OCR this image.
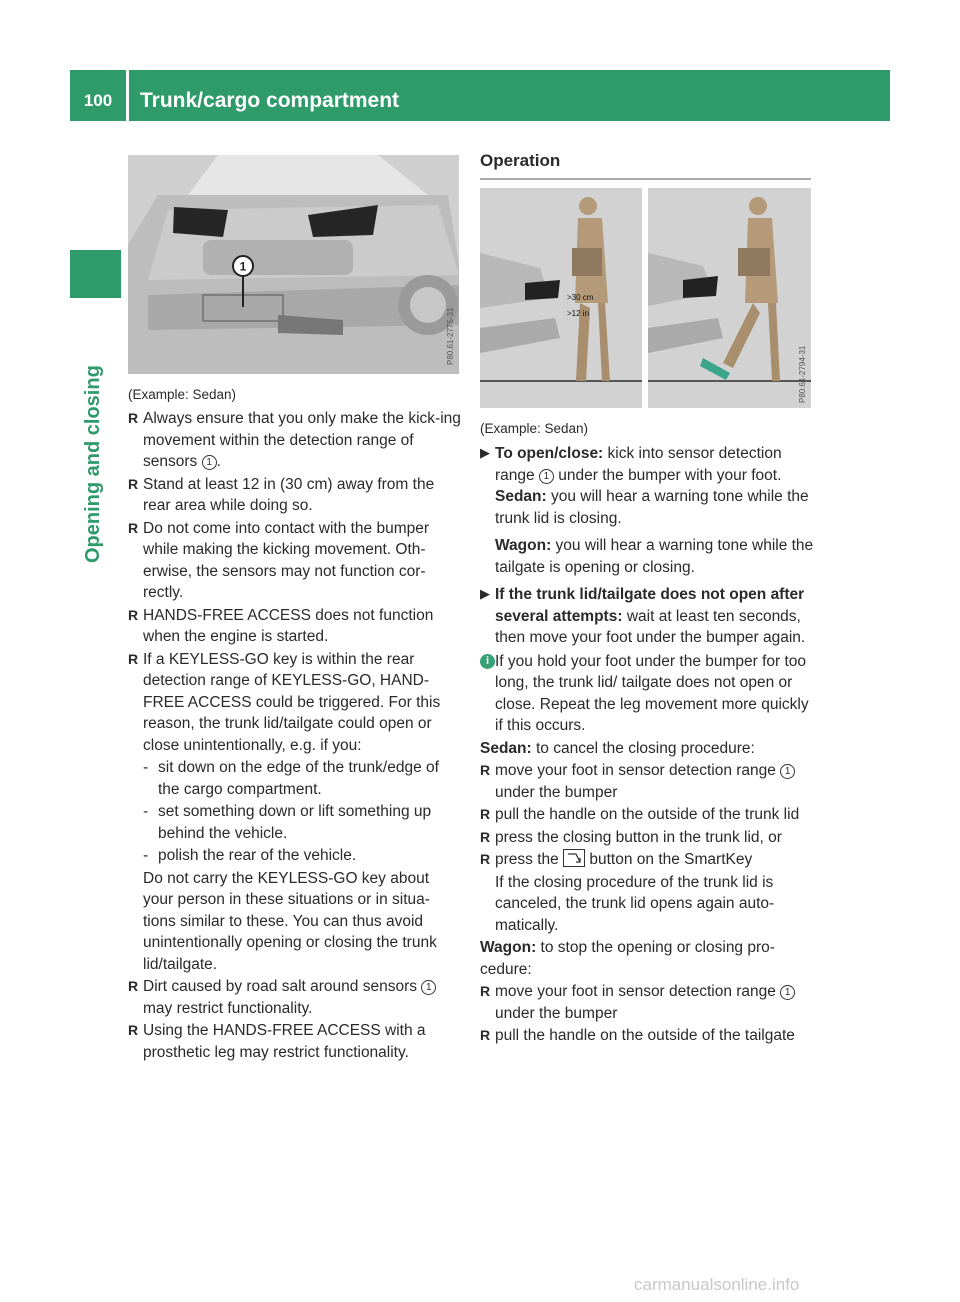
100	Trunk/cargo compartment
Opening and closing
1
P80.61-2775-31
(Example: Sedan)
R Always ensure that you only make the kick-ing movement within the detection range of sensors 1 .
R Stand at least 12 in (30 cm) away from the rear area while doing so.
R Do not come into contact with the bumper while making the kicking movement. Oth-erwise, the sensors may not function cor-rectly.
R HANDS-FREE ACCESS does not function when the engine is started.
R If a KEYLESS-GO key is within the rear detection range of KEYLESS-GO, HAND-FREE ACCESS could be triggered. For this reason, the trunk lid/tailgate could open or close unintentionally, e.g. if you:
- sit down on the edge of the trunk/edge of the cargo compartment.
- set something down or lift something up behind the vehicle.
- polish the rear of the vehicle.
Do not carry the KEYLESS-GO key about your person in these situations or in situa-tions similar to these. You can thus avoid unintentionally opening or closing the trunk lid/tailgate.
R Dirt caused by road salt around sensors 1 may restrict functionality.
R Using the HANDS-FREE ACCESS with a prosthetic leg may restrict functionality.
Operation
>30 cm
>12 in
P80.61-2794-31
(Example: Sedan)
▶ To open/close: kick into sensor detection range 1 under the bumper with your foot.
Sedan: you will hear a warning tone while the trunk lid is closing.
Wagon: you will hear a warning tone while the tailgate is opening or closing.
▶ If the trunk lid/tailgate does not open after several attempts: wait at least ten seconds, then move your foot under the bumper again.
i If you hold your foot under the bumper for too long, the trunk lid/ tailgate does not open or close. Repeat the leg movement more quickly if this occurs.
Sedan: to cancel the closing procedure:
R move your foot in sensor detection range 1 under the bumper
R pull the handle on the outside of the trunk lid
R press the closing button in the trunk lid, or
R press the
button on the SmartKey
If the closing procedure of the trunk lid is canceled, the trunk lid opens again auto-matically.
Wagon: to stop the opening or closing pro-cedure:
R move your foot in sensor detection range 1 under the bumper
R pull the handle on the outside of the tailgate
carmanualsonline.info
